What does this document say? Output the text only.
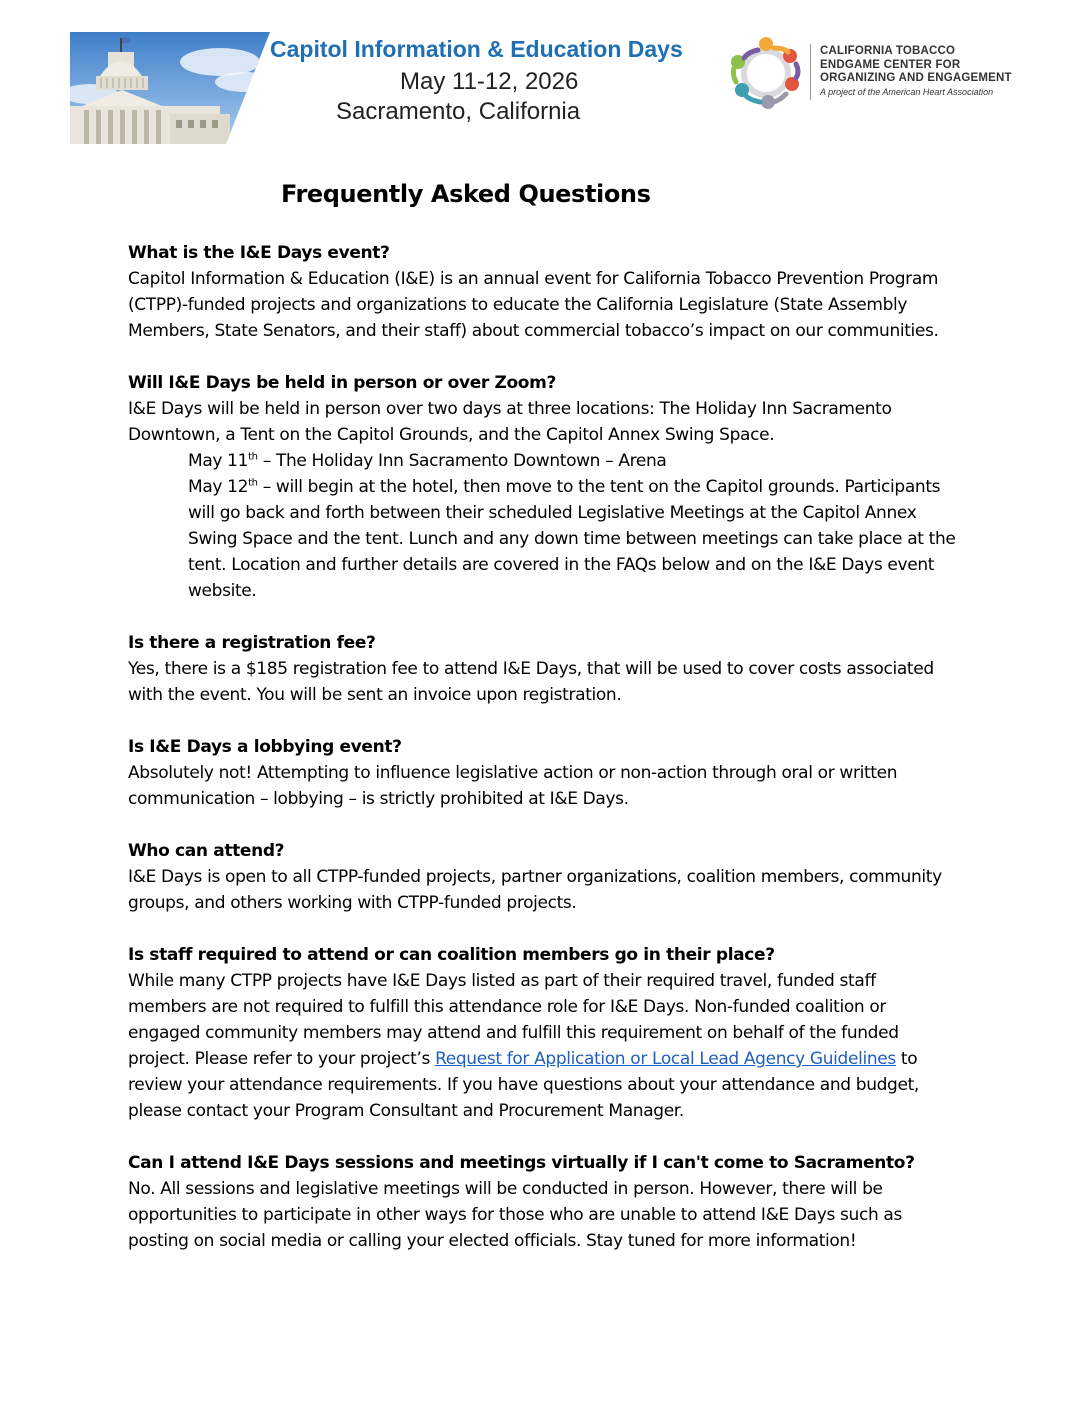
Capitol Information & Education Days
May 11-12, 2026
Sacramento, California
CALIFORNIA TOBACCO
ENDGAME CENTER FOR
ORGANIZING AND ENGAGEMENT
A project of the American Heart Association
Frequently Asked Questions

What is the I&E Days event?

Capitol Information & Education (I&E) is an annual event for California Tobacco Prevention Program (CTPP)-funded projects and organizations to educate the California Legislature (State Assembly Members, State Senators, and their staff) about commercial tobacco’s impact on our communities.

Will I&E Days be held in person or over Zoom?

I&E Days will be held in person over two days at three locations: The Holiday Inn Sacramento Downtown, a Tent on the Capitol Grounds, and the Capitol Annex Swing Space.

May 11th – The Holiday Inn Sacramento Downtown – Arena

May 12th – will begin at the hotel, then move to the tent on the Capitol grounds. Participants will go back and forth between their scheduled Legislative Meetings at the Capitol Annex Swing Space and the tent. Lunch and any down time between meetings can take place at the tent. Location and further details are covered in the FAQs below and on the I&E Days event website.

Is there a registration fee?

Yes, there is a $185 registration fee to attend I&E Days, that will be used to cover costs associated with the event. You will be sent an invoice upon registration.

Is I&E Days a lobbying event?

Absolutely not! Attempting to influence legislative action or non-action through oral or written communication – lobbying – is strictly prohibited at I&E Days.

Who can attend?

I&E Days is open to all CTPP-funded projects, partner organizations, coalition members, community groups, and others working with CTPP-funded projects.

Is staff required to attend or can coalition members go in their place?

While many CTPP projects have I&E Days listed as part of their required travel, funded staff members are not required to fulfill this attendance role for I&E Days. Non-funded coalition or engaged community members may attend and fulfill this requirement on behalf of the funded project. Please refer to your project’s Request for Application or Local Lead Agency Guidelines to review your attendance requirements. If you have questions about your attendance and budget, please contact your Program Consultant and Procurement Manager.

Can I attend I&E Days sessions and meetings virtually if I can't come to Sacramento?

No. All sessions and legislative meetings will be conducted in person. However, there will be opportunities to participate in other ways for those who are unable to attend I&E Days such as posting on social media or calling your elected officials. Stay tuned for more information!
